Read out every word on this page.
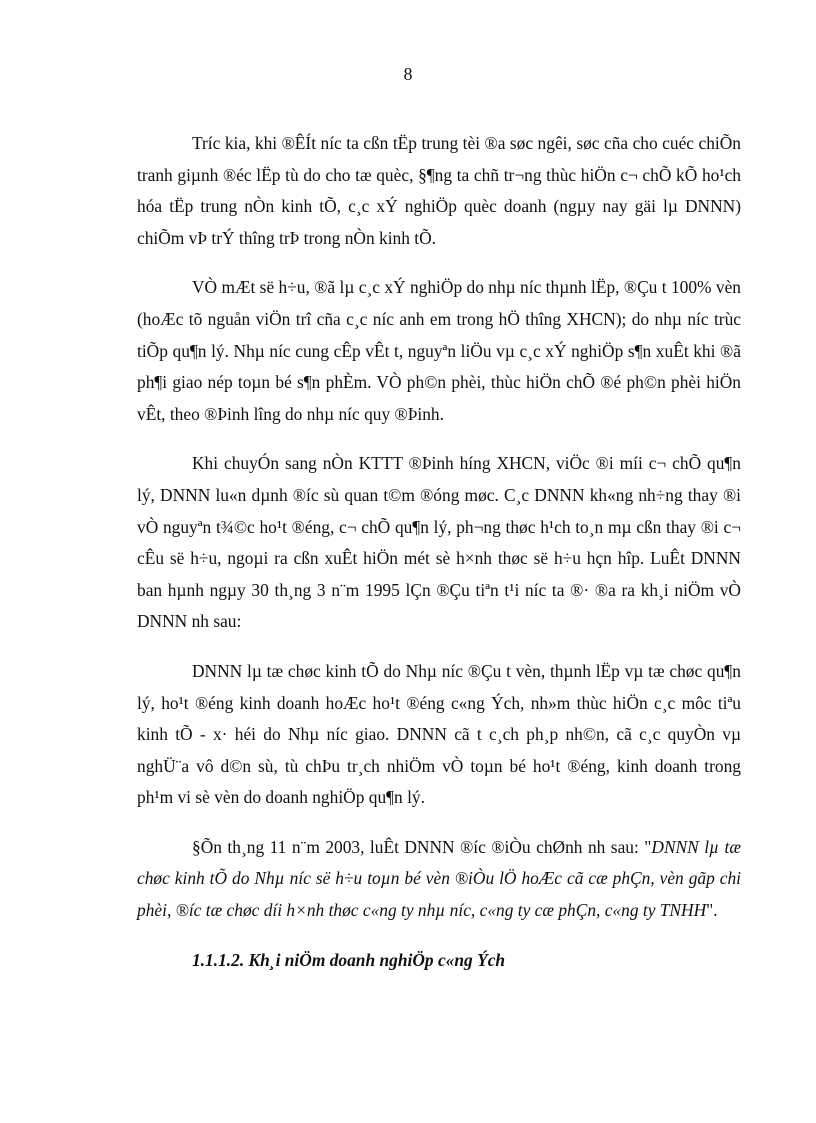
8

Tríc kia, khi ®ÊÍt níc ta cßn tËp trung tèi ®a søc ngêi, søc cña cho cuéc chiÕn tranh giµnh ®éc lËp tù do cho tæ quèc, §¶ng ta chñ tr¬ng thùc hiÖn c¬ chÕ kÕ ho¹ch hóa tËp trung nÒn kinh tÕ, c¸c xÝ nghiÖp quèc doanh (ngµy nay gäi lµ DNNN) chiÕm vÞ trÝ thîng trÞ trong nÒn kinh tÕ.

VÒ mÆt së h÷u, ®ã lµ c¸c xÝ nghiÖp do nhµ níc thµnh lËp, ®Çu t 100% vèn (hoÆc tõ nguån viÖn trî cña c¸c níc anh em trong hÖ thîng XHCN); do nhµ níc trùc tiÕp qu¶n lý. Nhµ níc cung cÊp vÊt t, nguyªn liÖu vµ c¸c xÝ nghiÖp s¶n xuÊt khi ®ã ph¶i giao nép toµn bé s¶n phÈm. VÒ ph©n phèi, thùc hiÖn chÕ ®é ph©n phèi hiÖn vÊt, theo ®Þinh lîng do nhµ níc quy ®Þinh.

Khi chuyÓn sang nÒn KTTT ®Þinh híng XHCN, viÖc ®i míi c¬ chÕ qu¶n lý, DNNN lu«n dµnh ®íc sù quan t©m ®óng møc. C¸c DNNN kh«ng nh÷ng thay ®i vÒ nguyªn t¾©c ho¹t ®éng, c¬ chÕ qu¶n lý, ph¬ng thøc h¹ch to¸n mµ cßn thay ®i c¬ cÊu së h÷u, ngoµi ra cßn xuÊt hiÖn mét sè h×nh thøc së h÷u hçn hîp. LuÊt DNNN ban hµnh ngµy 30 th¸ng 3 n¨m 1995 lÇn ®Çu tiªn t¹i níc ta ®· ®a ra kh¸i niÖm vÒ DNNN nh sau:

DNNN lµ tæ chøc kinh tÕ do Nhµ níc ®Çu t vèn, thµnh lËp vµ tæ chøc qu¶n lý, ho¹t ®éng kinh doanh hoÆc ho¹t ®éng c«ng Ých, nh»m thùc hiÖn c¸c môc tiªu kinh tÕ - x· héi do Nhµ níc giao. DNNN cã t c¸ch ph¸p nh©n, cã c¸c quyÒn vµ nghÜ¨a vô d©n sù, tù chÞu tr¸ch nhiÖm vÒ toµn bé ho¹t ®éng, kinh doanh trong ph¹m vi sè vèn do doanh nghiÖp qu¶n lý.

§Õn th¸ng 11 n¨m 2003, luÊt DNNN ®íc ®iÒu chØnh nh sau: "DNNN lµ tæ chøc kinh tÕ do Nhµ níc së h÷u toµn bé vèn ®iÒu lÖ hoÆc cã cæ phÇn, vèn gãp chi phèi, ®íc tæ chøc díi h×nh thøc c«ng ty nhµ níc, c«ng ty cæ phÇn, c«ng ty TNHH".

1.1.1.2. Kh¸i niÖm doanh nghiÖp c«ng Ých
